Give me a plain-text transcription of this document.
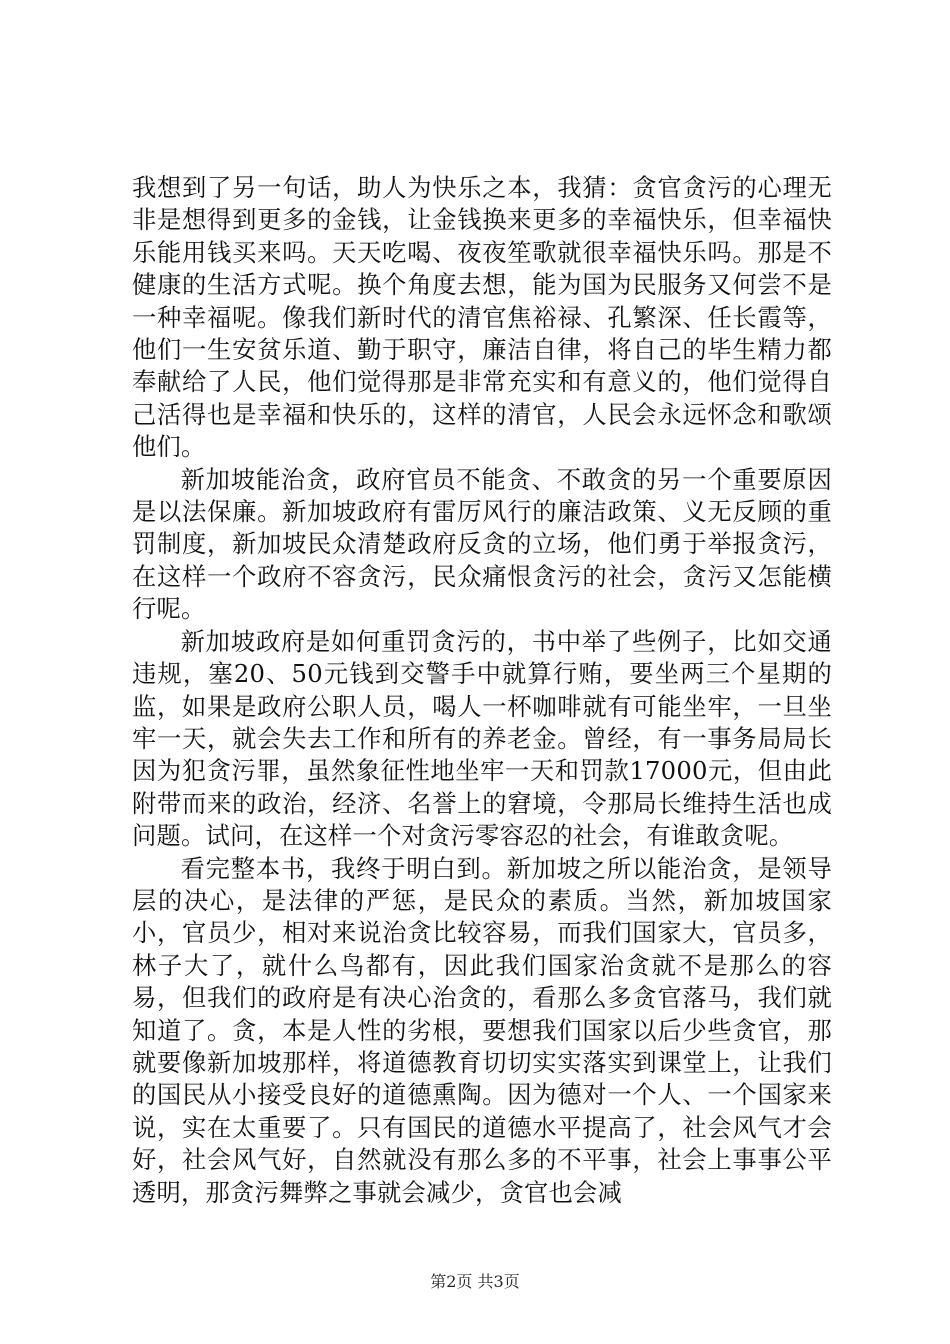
我想到了另一句话，助人为快乐之本，我猜：贪官贪污的心理无非是想得到更多的金钱，让金钱换来更多的幸福快乐，但幸福快乐能用钱买来吗。天天吃喝、夜夜笙歌就很幸福快乐吗。那是不健康的生活方式呢。换个角度去想，能为国为民服务又何尝不是一种幸福呢。像我们新时代的清官焦裕禄、孔繁深、任长霞等，他们一生安贫乐道、勤于职守，廉洁自律，将自己的毕生精力都奉献给了人民，他们觉得那是非常充实和有意义的，他们觉得自己活得也是幸福和快乐的，这样的清官，人民会永远怀念和歌颂他们。

新加坡能治贪，政府官员不能贪、不敢贪的另一个重要原因是以法保廉。新加坡政府有雷厉风行的廉洁政策、义无反顾的重罚制度，新加坡民众清楚政府反贪的立场，他们勇于举报贪污，在这样一个政府不容贪污，民众痛恨贪污的社会，贪污又怎能横行呢。

新加坡政府是如何重罚贪污的，书中举了些例子，比如交通违规，塞20、50元钱到交警手中就算行贿，要坐两三个星期的监，如果是政府公职人员，喝人一杯咖啡就有可能坐牢，一旦坐牢一天，就会失去工作和所有的养老金。曾经，有一事务局局长因为犯贪污罪，虽然象征性地坐牢一天和罚款17000元，但由此附带而来的政治，经济、名誉上的窘境，令那局长维持生活也成问题。试问，在这样一个对贪污零容忍的社会，有谁敢贪呢。

看完整本书，我终于明白到。新加坡之所以能治贪，是领导层的决心，是法律的严惩，是民众的素质。当然，新加坡国家小，官员少，相对来说治贪比较容易，而我们国家大，官员多，林子大了，就什么鸟都有，因此我们国家治贪就不是那么的容易，但我们的政府是有决心治贪的，看那么多贪官落马，我们就知道了。贪，本是人性的劣根，要想我们国家以后少些贪官，那就要像新加坡那样，将道德教育切切实实落实到课堂上，让我们的国民从小接受良好的道德熏陶。因为德对一个人、一个国家来说，实在太重要了。只有国民的道德水平提高了，社会风气才会好，社会风气好，自然就没有那么多的不平事，社会上事事公平透明，那贪污舞弊之事就会减少，贪官也会减

第2页 共3页
